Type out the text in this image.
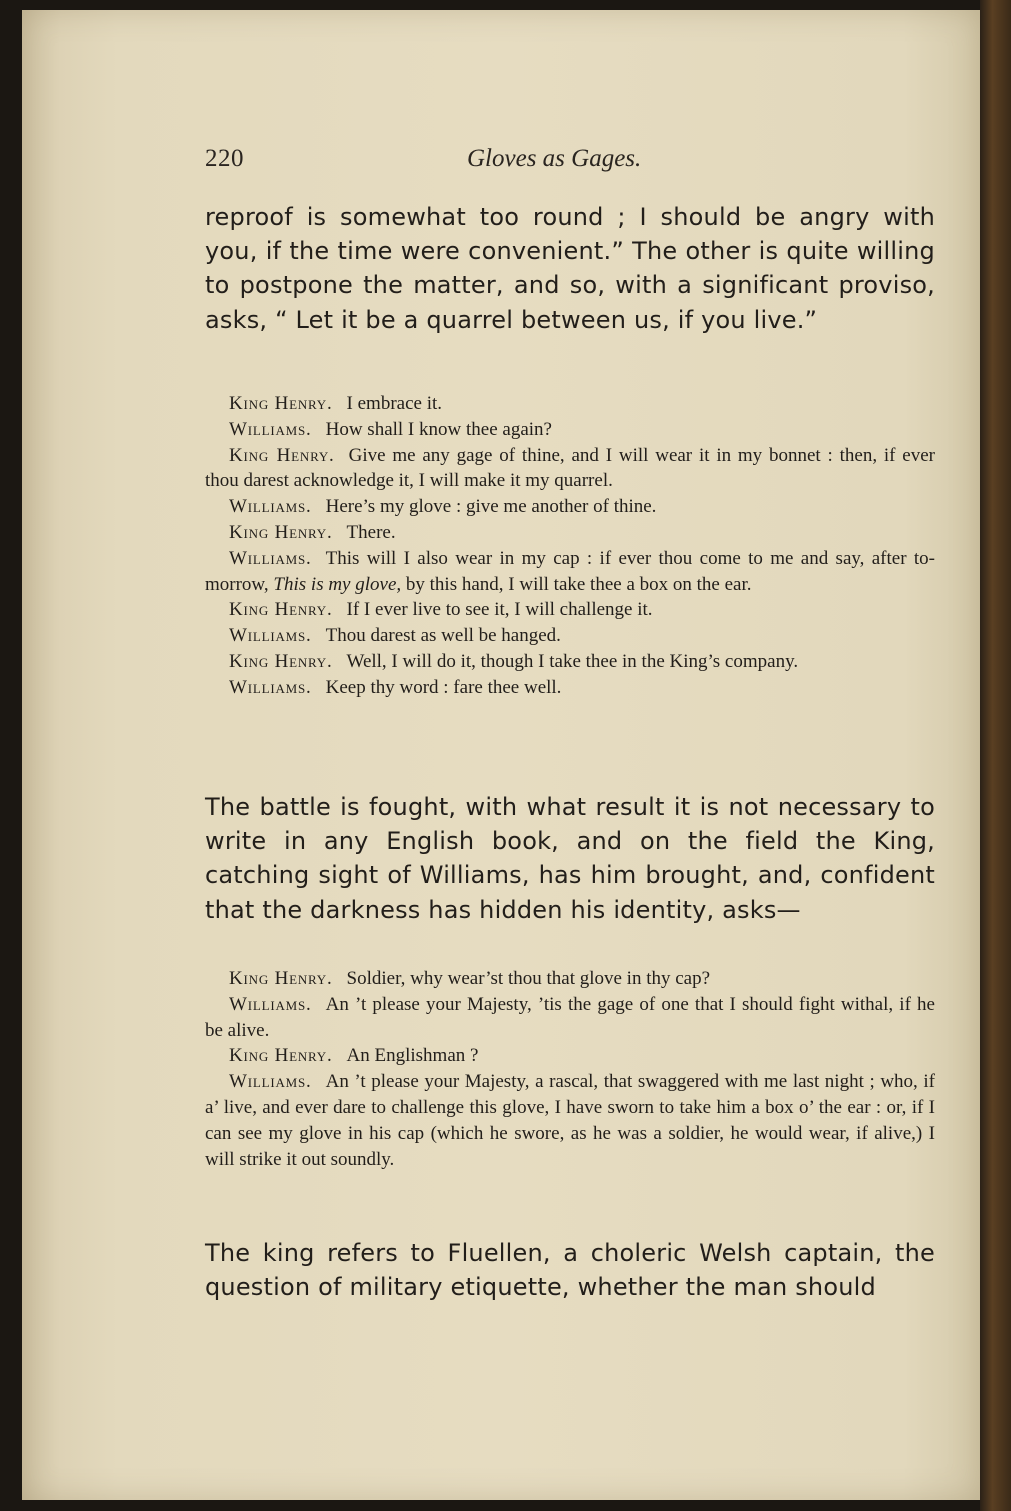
220	Gloves as Gages.

reproof is somewhat too round ; I should be angry with you, if the time were convenient.” The other is quite willing to postpone the matter, and so, with a significant proviso, asks, “ Let it be a quarrel between us, if you live.”

King Henry. I embrace it.

Williams. How shall I know thee again?

King Henry. Give me any gage of thine, and I will wear it in my bonnet : then, if ever thou darest acknowledge it, I will make it my quarrel.

Williams. Here’s my glove : give me another of thine.

King Henry. There.

Williams. This will I also wear in my cap : if ever thou come to me and say, after to-morrow, This is my glove, by this hand, I will take thee a box on the ear.

King Henry. If I ever live to see it, I will challenge it.

Williams. Thou darest as well be hanged.

King Henry. Well, I will do it, though I take thee in the King’s company.

Williams. Keep thy word : fare thee well.

The battle is fought, with what result it is not necessary to write in any English book, and on the field the King, catching sight of Williams, has him brought, and, confident that the darkness has hidden his identity, asks—

King Henry. Soldier, why wear’st thou that glove in thy cap?

Williams. An ’t please your Majesty, ’tis the gage of one that I should fight withal, if he be alive.

King Henry. An Englishman ?

Williams. An ’t please your Majesty, a rascal, that swaggered with me last night ; who, if a’ live, and ever dare to challenge this glove, I have sworn to take him a box o’ the ear : or, if I can see my glove in his cap (which he swore, as he was a soldier, he would wear, if alive,) I will strike it out soundly.

The king refers to Fluellen, a choleric Welsh captain, the question of military etiquette, whether the man should
